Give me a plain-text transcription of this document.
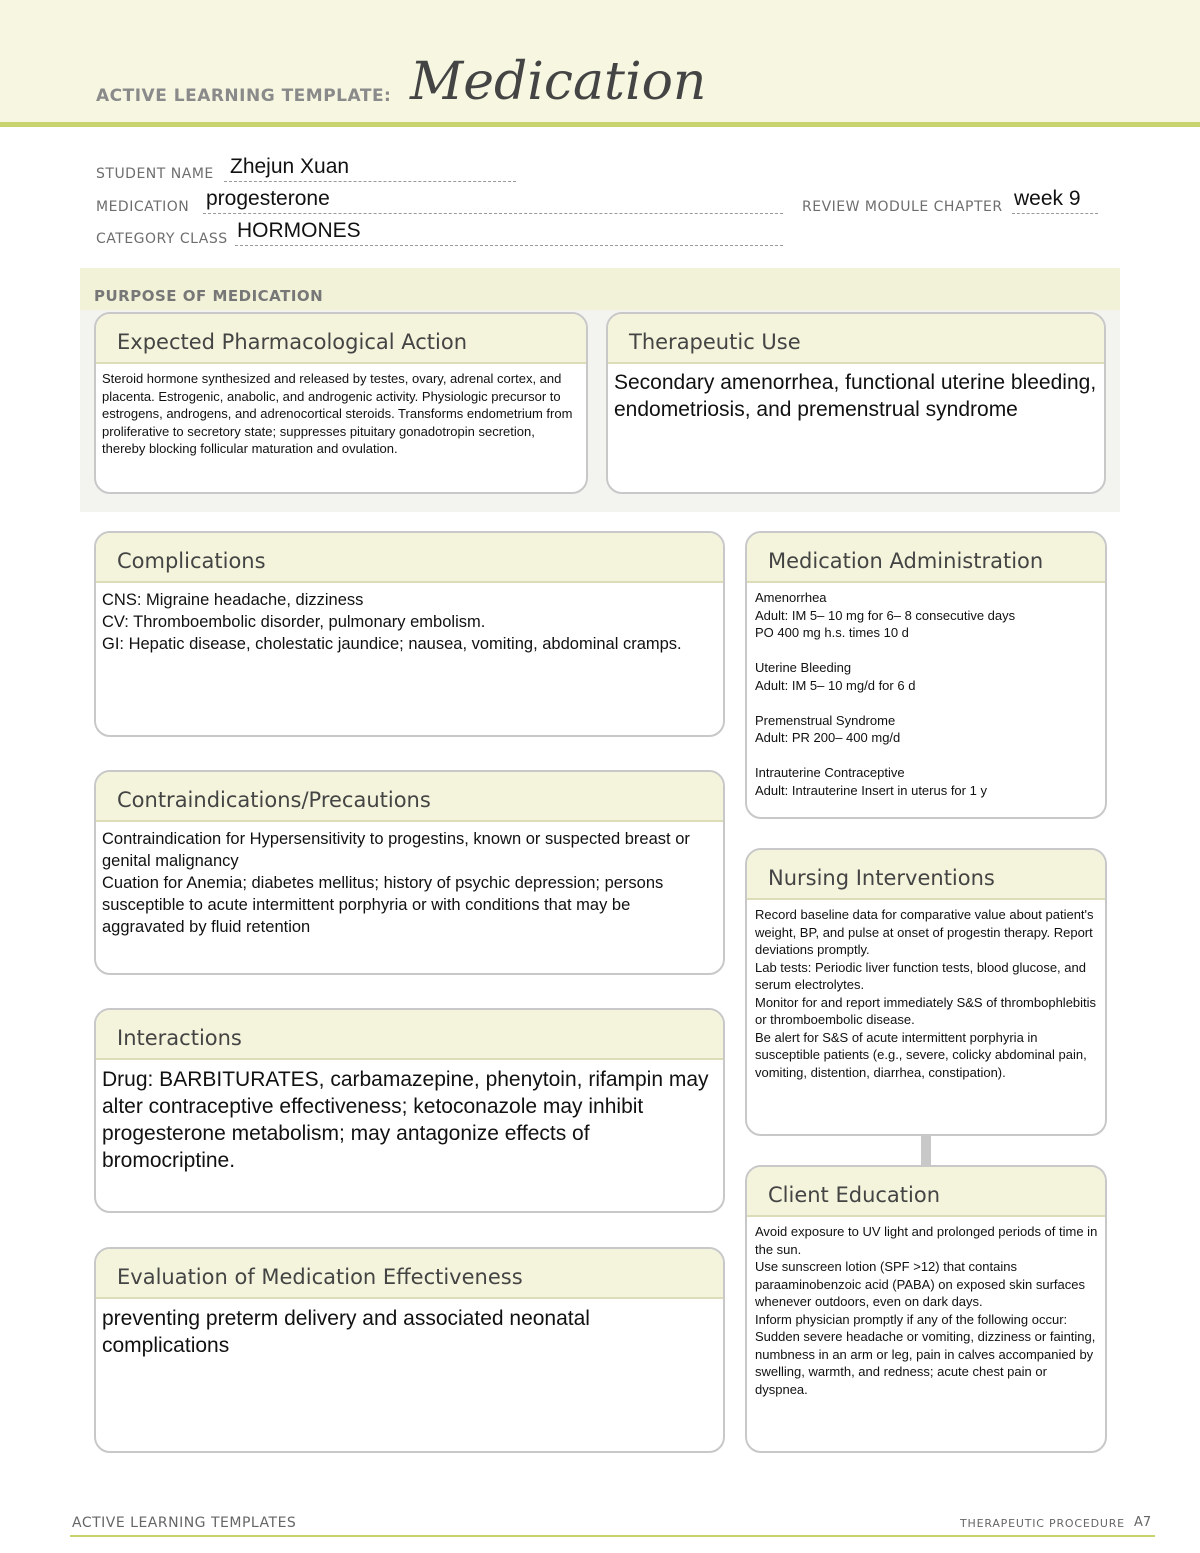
ACTIVE LEARNING TEMPLATE: Medication
STUDENT NAME Zhejun Xuan
MEDICATION progesterone	REVIEW MODULE CHAPTER week 9
CATEGORY CLASS HORMONES
PURPOSE OF MEDICATION
Expected Pharmacological Action
Steroid hormone synthesized and released by testes, ovary, adrenal cortex, and placenta. Estrogenic, anabolic, and androgenic activity. Physiologic precursor to estrogens, androgens, and adrenocortical steroids. Transforms endometrium from proliferative to secretory state; suppresses pituitary gonadotropin secretion, thereby blocking follicular maturation and ovulation.
Therapeutic Use
Secondary amenorrhea, functional uterine bleeding, endometriosis, and premenstrual syndrome
Complications
CNS: Migraine headache, dizziness
CV: Thromboembolic disorder, pulmonary embolism.
GI: Hepatic disease, cholestatic jaundice; nausea, vomiting, abdominal cramps.
Contraindications/Precautions
Contraindication for Hypersensitivity to progestins, known or suspected breast or genital malignancy
Cuation for Anemia; diabetes mellitus; history of psychic depression; persons susceptible to acute intermittent porphyria or with conditions that may be aggravated by fluid retention
Interactions
Drug: BARBITURATES, carbamazepine, phenytoin, rifampin may alter contraceptive effectiveness; ketoconazole may inhibit progesterone metabolism; may antagonize effects of bromocriptine.
Evaluation of Medication Effectiveness
preventing preterm delivery and associated neonatal complications
Medication Administration
Amenorrhea
Adult: IM 5– 10 mg for 6– 8 consecutive days
PO 400 mg h.s. times 10 d

Uterine Bleeding
Adult: IM 5– 10 mg/d for 6 d

Premenstrual Syndrome
Adult: PR 200– 400 mg/d

Intrauterine Contraceptive
Adult: Intrauterine Insert in uterus for 1 y
Nursing Interventions
Record baseline data for comparative value about patient's weight, BP, and pulse at onset of progestin therapy. Report deviations promptly.
Lab tests: Periodic liver function tests, blood glucose, and serum electrolytes.
Monitor for and report immediately S&S of thrombophlebitis or thromboembolic disease.
Be alert for S&S of acute intermittent porphyria in susceptible patients (e.g., severe, colicky abdominal pain, vomiting, distention, diarrhea, constipation).
Client Education
Avoid exposure to UV light and prolonged periods of time in the sun.
Use sunscreen lotion (SPF >12) that contains paraaminobenzoic acid (PABA) on exposed skin surfaces whenever outdoors, even on dark days.
Inform physician promptly if any of the following occur: Sudden severe headache or vomiting, dizziness or fainting, numbness in an arm or leg, pain in calves accompanied by swelling, warmth, and redness; acute chest pain or dyspnea.
ACTIVE LEARNING TEMPLATES	THERAPEUTIC PROCEDURE A7
